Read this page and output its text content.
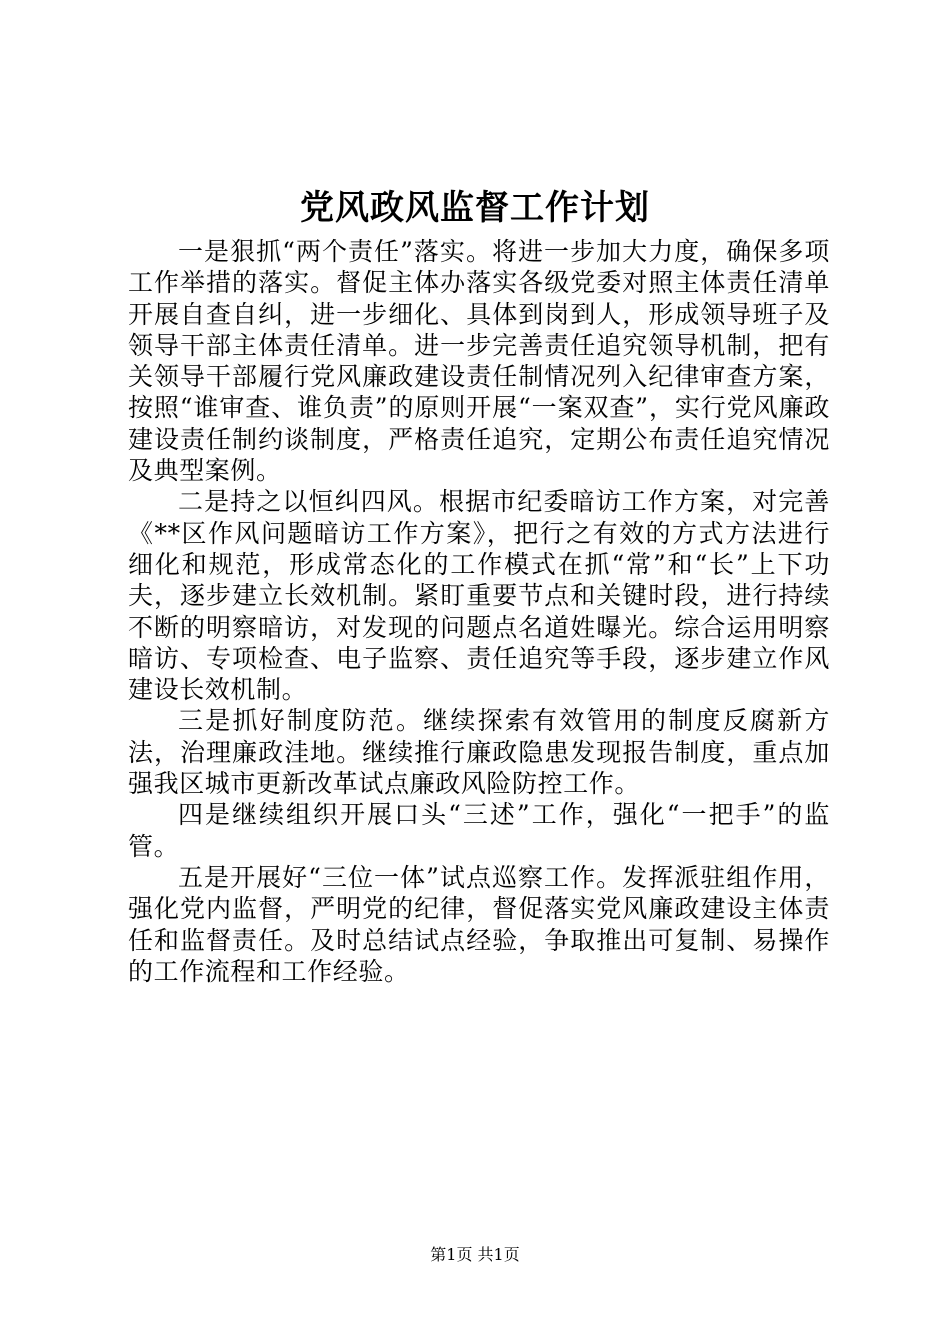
党风政风监督工作计划

一是狠抓“两个责任”落实。将进一步加大力度，确保多项工作举措的落实。督促主体办落实各级党委对照主体责任清单开展自查自纠，进一步细化、具体到岗到人，形成领导班子及领导干部主体责任清单。进一步完善责任追究领导机制，把有关领导干部履行党风廉政建设责任制情况列入纪律审查方案，按照“谁审查、谁负责”的原则开展“一案双查”，实行党风廉政建设责任制约谈制度，严格责任追究，定期公布责任追究情况及典型案例。

二是持之以恒纠四风。根据市纪委暗访工作方案，对完善《**区作风问题暗访工作方案》，把行之有效的方式方法进行细化和规范，形成常态化的工作模式在抓“常”和“长”上下功夫，逐步建立长效机制。紧盯重要节点和关键时段，进行持续不断的明察暗访，对发现的问题点名道姓曝光。综合运用明察暗访、专项检查、电子监察、责任追究等手段，逐步建立作风建设长效机制。

三是抓好制度防范。继续探索有效管用的制度反腐新方法，治理廉政洼地。继续推行廉政隐患发现报告制度，重点加强我区城市更新改革试点廉政风险防控工作。

四是继续组织开展口头“三述”工作，强化“一把手”的监管。

五是开展好“三位一体”试点巡察工作。发挥派驻组作用，强化党内监督，严明党的纪律，督促落实党风廉政建设主体责任和监督责任。及时总结试点经验，争取推出可复制、易操作的工作流程和工作经验。

第1页 共1页
